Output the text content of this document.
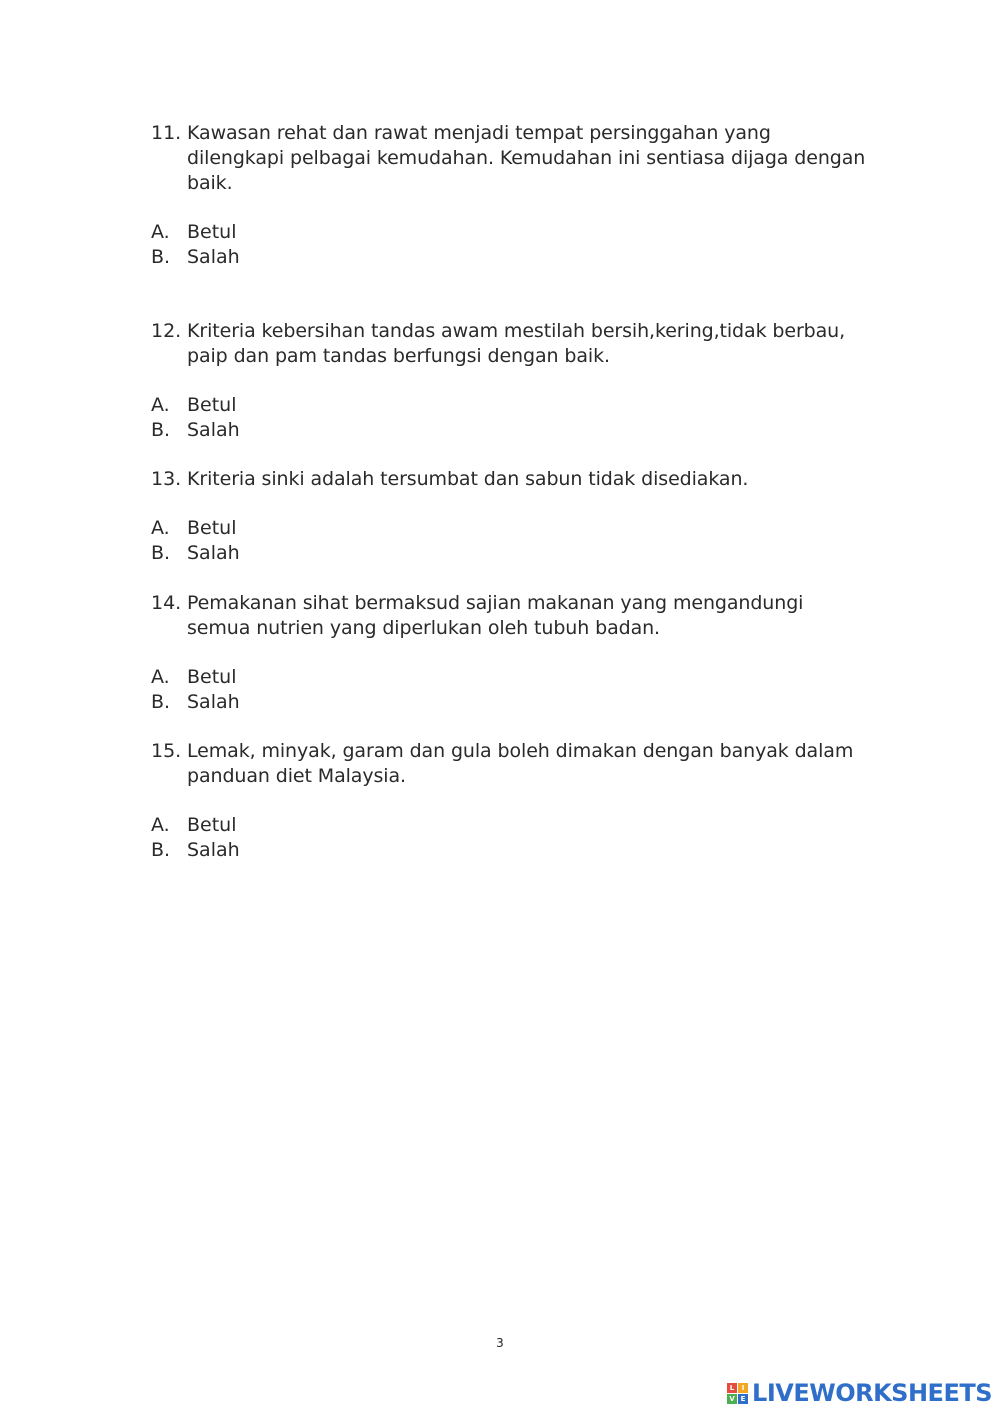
11. Kawasan rehat dan rawat menjadi tempat persinggahan yang dilengkapi pelbagai kemudahan. Kemudahan ini sentiasa dijaga dengan baik.
A. Betul
B. Salah
12. Kriteria kebersihan tandas awam mestilah bersih,kering,tidak berbau, paip dan pam tandas berfungsi dengan baik.
A. Betul
B. Salah
13. Kriteria sinki adalah tersumbat dan sabun tidak disediakan.
A. Betul
B. Salah
14. Pemakanan sihat bermaksud sajian makanan yang mengandungi semua nutrien yang diperlukan oleh tubuh badan.
A. Betul
B. Salah
15. Lemak, minyak, garam dan gula boleh dimakan dengan banyak dalam panduan diet Malaysia.
A. Betul
B. Salah
3
L	I
V E LIVEWORKSHEETS
